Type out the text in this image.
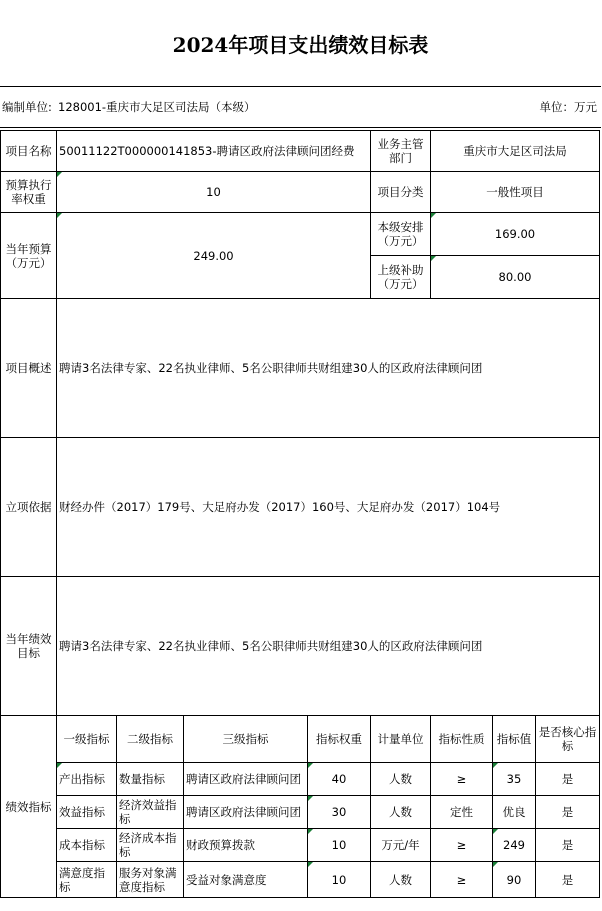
2024年项目支出绩效目标表
编制单位: 128001-重庆市大足区司法局（本级）	单位：万元
项目名称	50011122T000000141853-聘请区政府法律顾问团经费				业务主管部门	重庆市大足区司法局		
预算执行率权重	10				项目分类	一般性项目		
当年预算（万元）	249.00				本级安排（万元）	169.00		
					上级补助（万元）	80.00		
项目概述	聘请3名法律专家、22名执业律师、5名公职律师共财组建30人的区政府法律顾问团							
立项依据	财经办件（2017）179号、大足府办发（2017）160号、大足府办发（2017）104号							
当年绩效目标	聘请3名法律专家、22名执业律师、5名公职律师共财组建30人的区政府法律顾问团							
绩效指标	一级指标	二级指标	三级指标	指标权重	计量单位	指标性质	指标值	是否核心指标
	产出指标	数量指标	聘请区政府法律顾问团	40	人数	≥	35	是
	效益指标	经济效益指标	聘请区政府法律顾问团	30	人数	定性	优良	是
	成本指标	经济成本指标	财政预算拨款	10	万元/年	≥	249	是
	满意度指标	服务对象满意度指标	受益对象满意度	10	人数	≥	90	是
